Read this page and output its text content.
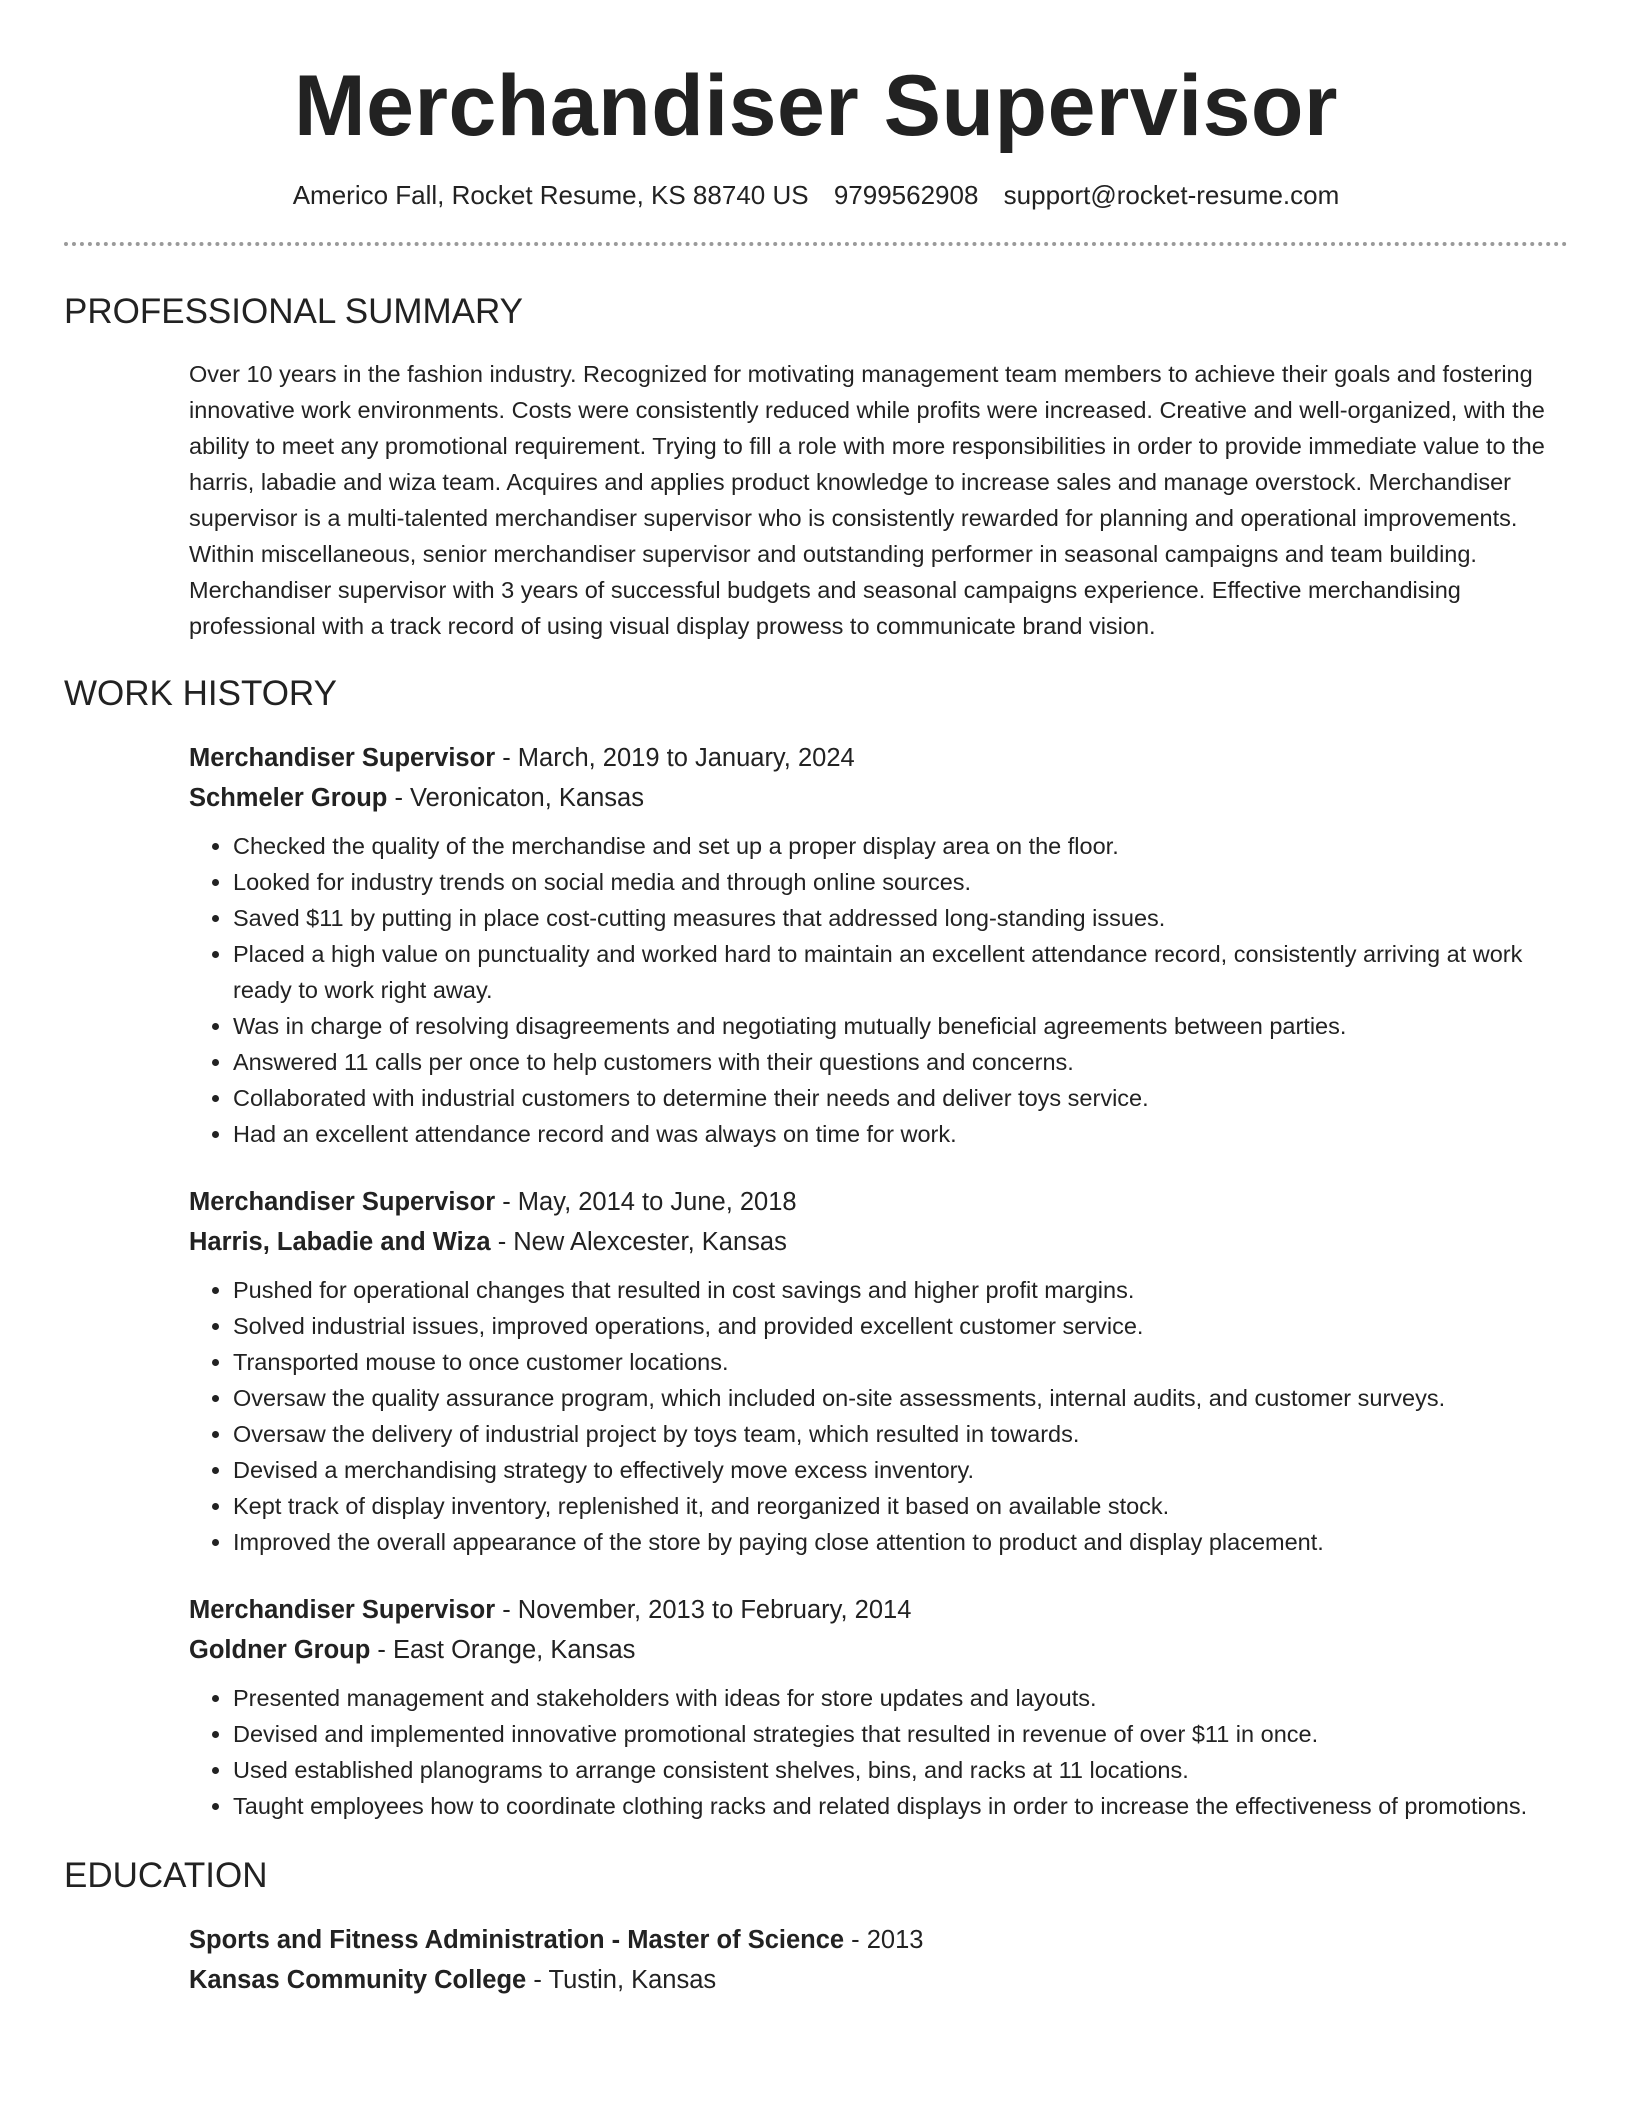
Merchandiser Supervisor
Americo Fall, Rocket Resume, KS 88740 US 9799562908 support@rocket-resume.com
PROFESSIONAL SUMMARY

Over 10 years in the fashion industry. Recognized for motivating management team members to achieve their goals and fostering innovative work environments. Costs were consistently reduced while profits were increased. Creative and well-organized, with the ability to meet any promotional requirement. Trying to fill a role with more responsibilities in order to provide immediate value to the harris, labadie and wiza team. Acquires and applies product knowledge to increase sales and manage overstock. Merchandiser supervisor is a multi-talented merchandiser supervisor who is consistently rewarded for planning and operational improvements. Within miscellaneous, senior merchandiser supervisor and outstanding performer in seasonal campaigns and team building. Merchandiser supervisor with 3 years of successful budgets and seasonal campaigns experience. Effective merchandising professional with a track record of using visual display prowess to communicate brand vision.

WORK HISTORY
Merchandiser Supervisor - March, 2019 to January, 2024
Schmeler Group - Veronicaton, Kansas
• Checked the quality of the merchandise and set up a proper display area on the floor.
• Looked for industry trends on social media and through online sources.
• Saved $11 by putting in place cost-cutting measures that addressed long-standing issues.
• Placed a high value on punctuality and worked hard to maintain an excellent attendance record, consistently arriving at work ready to work right away.
• Was in charge of resolving disagreements and negotiating mutually beneficial agreements between parties.
• Answered 11 calls per once to help customers with their questions and concerns.
• Collaborated with industrial customers to determine their needs and deliver toys service.
• Had an excellent attendance record and was always on time for work.
Merchandiser Supervisor - May, 2014 to June, 2018
Harris, Labadie and Wiza - New Alexcester, Kansas
• Pushed for operational changes that resulted in cost savings and higher profit margins.
• Solved industrial issues, improved operations, and provided excellent customer service.
• Transported mouse to once customer locations.
• Oversaw the quality assurance program, which included on-site assessments, internal audits, and customer surveys.
• Oversaw the delivery of industrial project by toys team, which resulted in towards.
• Devised a merchandising strategy to effectively move excess inventory.
• Kept track of display inventory, replenished it, and reorganized it based on available stock.
• Improved the overall appearance of the store by paying close attention to product and display placement.
Merchandiser Supervisor - November, 2013 to February, 2014
Goldner Group - East Orange, Kansas
• Presented management and stakeholders with ideas for store updates and layouts.
• Devised and implemented innovative promotional strategies that resulted in revenue of over $11 in once.
• Used established planograms to arrange consistent shelves, bins, and racks at 11 locations.
• Taught employees how to coordinate clothing racks and related displays in order to increase the effectiveness of promotions.
EDUCATION
Sports and Fitness Administration - Master of Science - 2013
Kansas Community College - Tustin, Kansas
